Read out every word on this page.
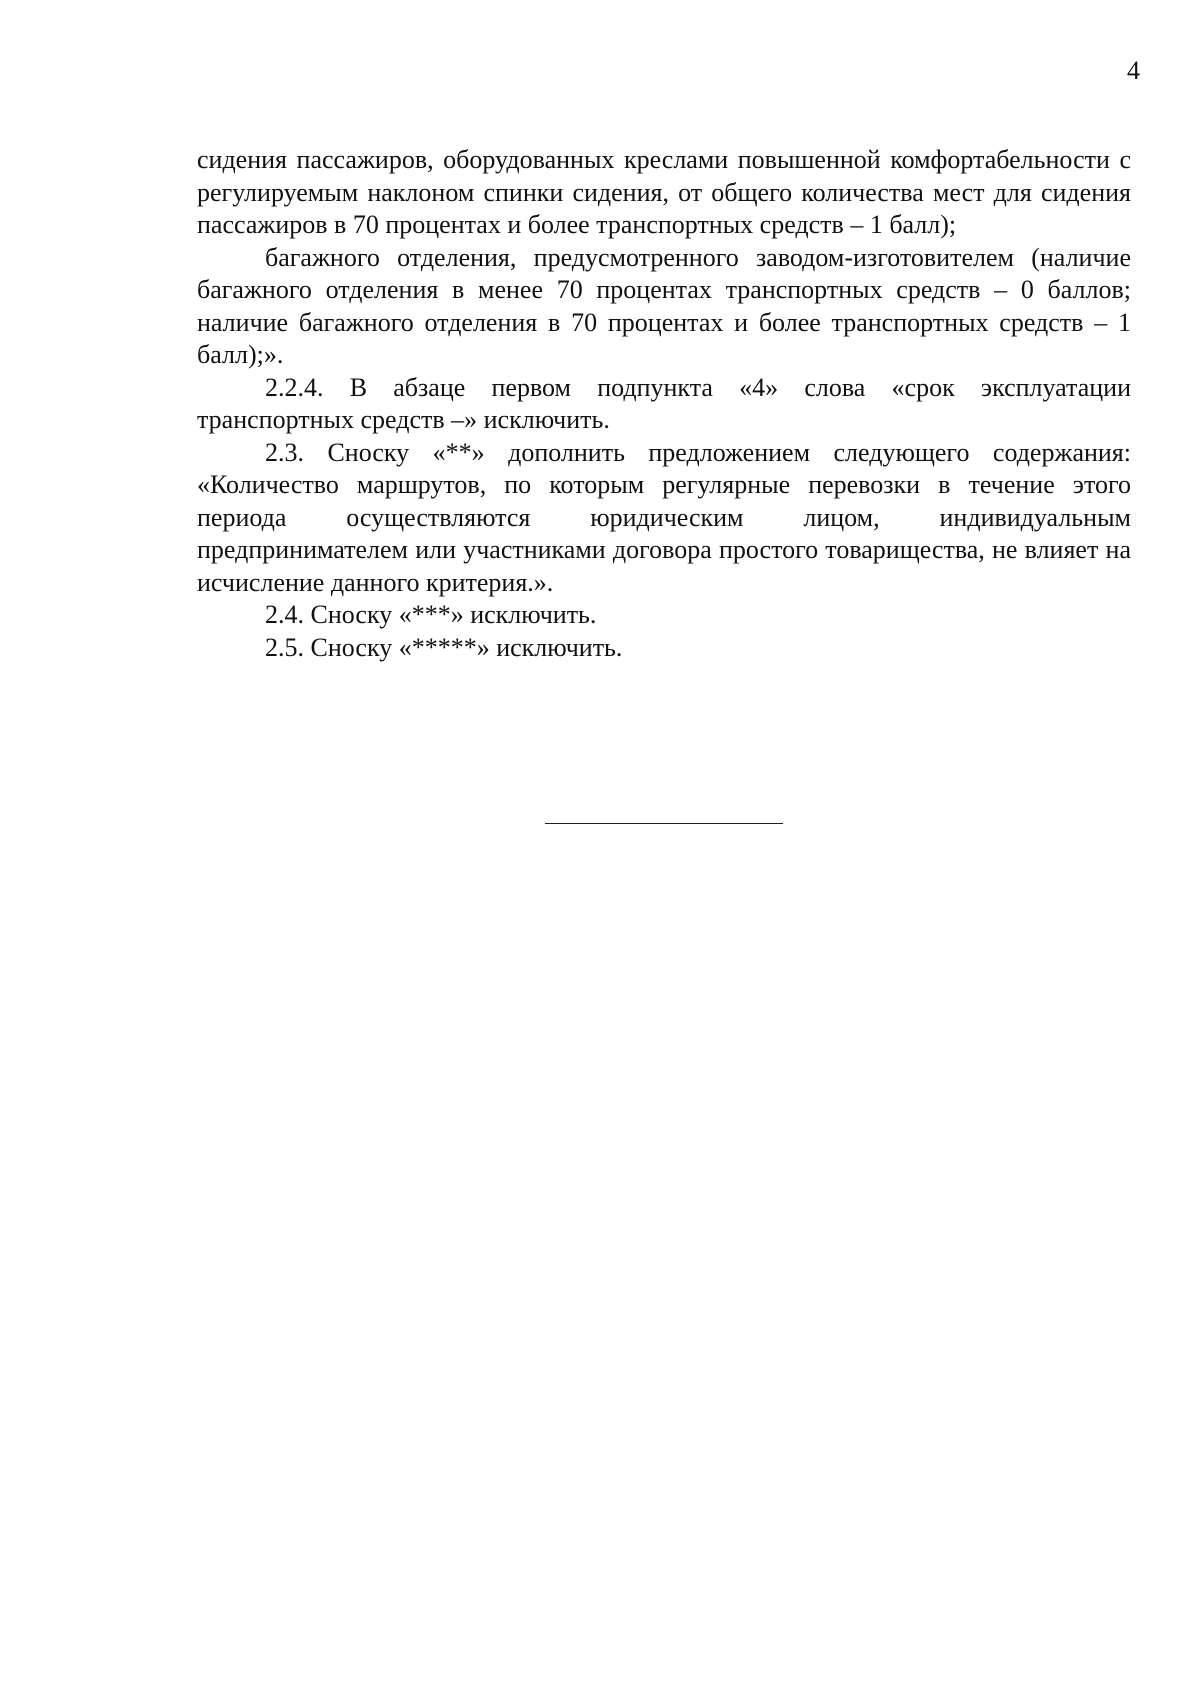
4

сидения пассажиров, оборудованных креслами повышенной комфортабельности с регулируемым наклоном спинки сидения, от общего количества мест для сидения пассажиров в 70 процентах и более транспортных средств – 1 балл);

багажного отделения, предусмотренного заводом-изготовителем (наличие багажного отделения в менее 70 процентах транспортных средств – 0 баллов; наличие багажного отделения в 70 процентах и более транспортных средств – 1 балл);».

2.2.4. В абзаце первом подпункта «4» слова «срок эксплуатации транспортных средств –» исключить.

2.3. Сноску «**» дополнить предложением следующего содержания: «Количество маршрутов, по которым регулярные перевозки в течение этого периода осуществляются юридическим лицом, индивидуальным предпринимателем или участниками договора простого товарищества, не влияет на исчисление данного критерия.».

2.4. Сноску «***» исключить.

2.5. Сноску «*****» исключить.
